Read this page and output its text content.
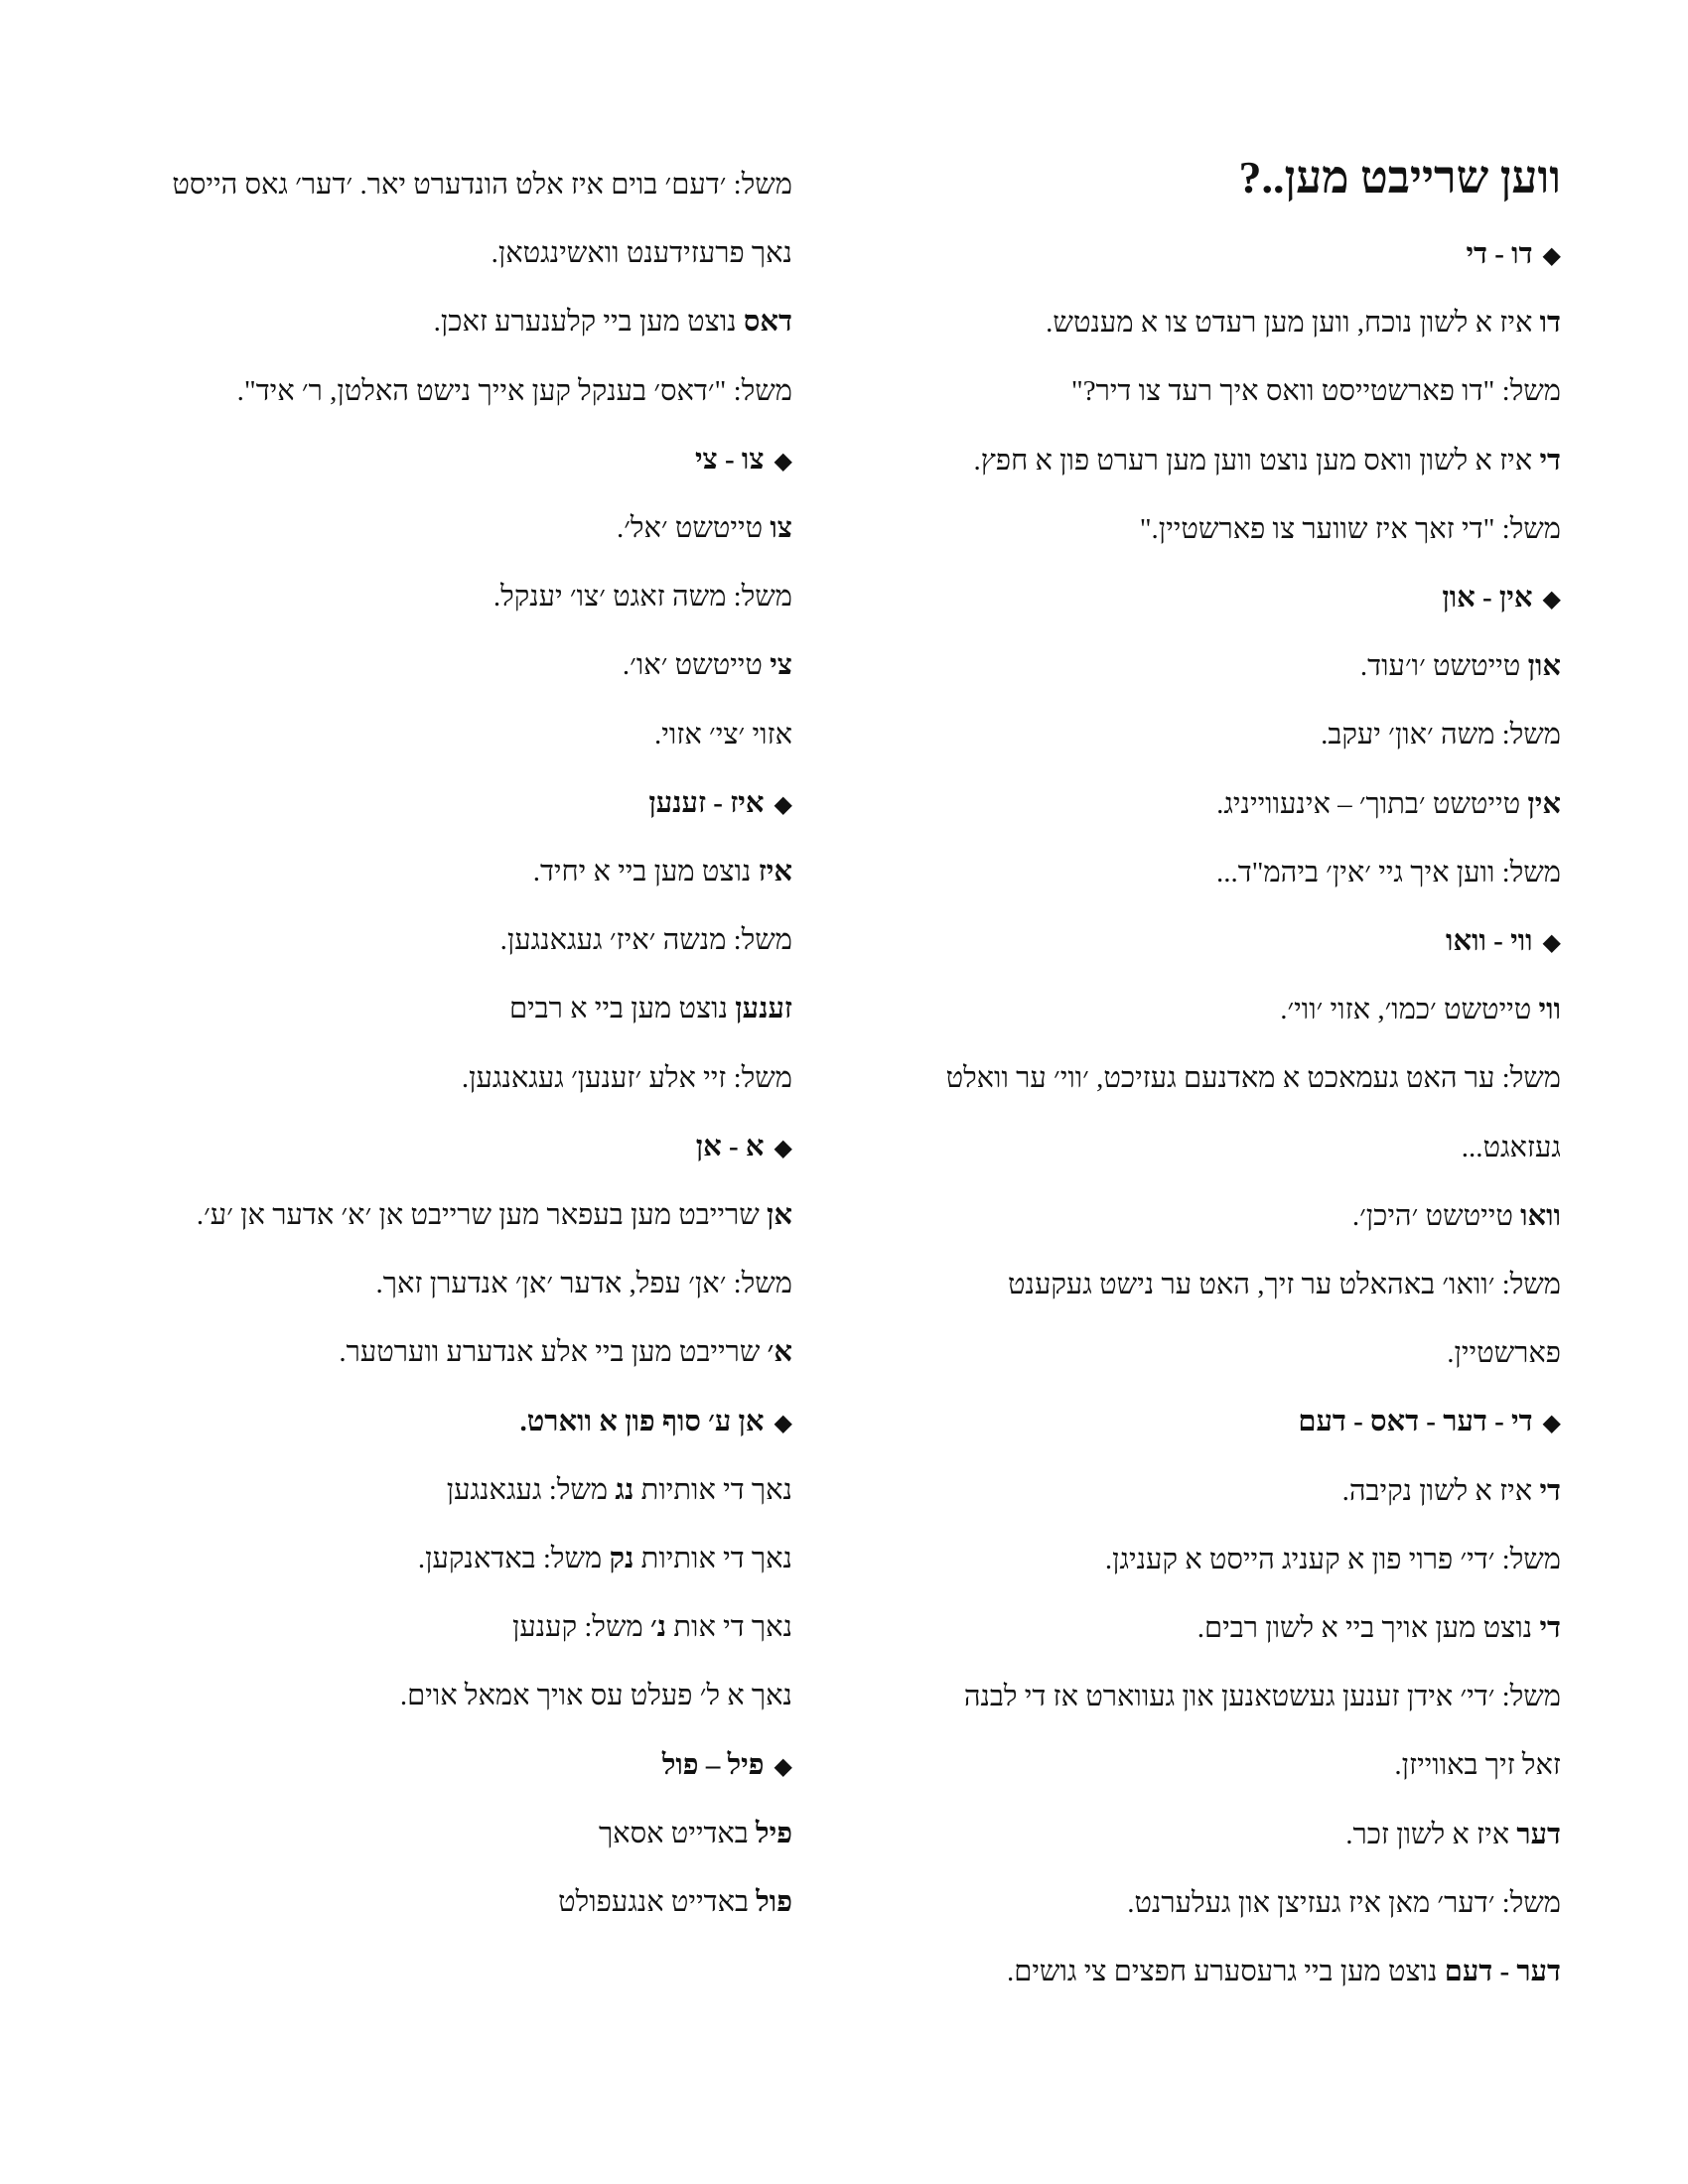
ווען שרייבט מען..?
◆דו - די
דו איז א לשון נוכח, ווען מען רעדט צו א מענטש.
משל: "דו פארשטייסט וואס איך רעד צו דיר?"
די איז א לשון וואס מען נוצט ווען מען רערט פון א חפץ.
משל: "די זאך איז שווער צו פארשטיין."
◆אין - און
און טייטשט ׳ו׳עוד.
משל: משה ׳און׳ יעקב.
אין טייטשט ׳בתוך׳ – אינעווייניג.
משל: ווען איך גיי ׳אין׳ ביהמ"ד...
◆ווי - וואו
ווי טייטשט ׳כמו׳, אזוי ׳ווי׳.
משל: ער האט געמאכט א מאדנעם געזיכט, ׳ווי׳ ער וואלט
געזאגט...
וואו טייטשט ׳היכן׳.
משל: ׳וואו׳ באהאלט ער זיך, האט ער נישט געקענט
פארשטיין.
◆די - דער - דאס - דעם
די איז א לשון נקיבה.
משל: ׳די׳ פרוי פון א קעניג הייסט א קעניגן.
די נוצט מען אויך ביי א לשון רבים.
משל: ׳די׳ אידן זענען געשטאנען און געווארט אז די לבנה
זאל זיך באווייזן.
דער איז א לשון זכר.
משל: ׳דער׳ מאן איז געזיצן און געלערנט.
דער - דעם נוצט מען ביי גרעסערע חפצים צי גושים.
משל: ׳דעם׳ בוים איז אלט הונדערט יאר. ׳דער׳ גאס הייסט
נאך פרעזידענט וואשינגטאן.
דאס נוצט מען ביי קלענערע זאכן.
משל: "׳דאס׳ בענקל קען אייך נישט האלטן, ר׳ איד".
◆צו - צי
צו טייטשט ׳אל׳.
משל: משה זאגט ׳צו׳ יענקל.
צי טייטשט ׳או׳.
אזוי ׳צי׳ אזוי.
◆איז - זענען
איז נוצט מען ביי א יחיד.
משל: מנשה ׳איז׳ געגאנגען.
זענען נוצט מען ביי א רבים
משל: זיי אלע ׳זענען׳ געגאנגען.
◆א - אן
אן שרייבט מען בעפאר מען שרייבט אן ׳א׳ אדער אן ׳ע׳.
משל: ׳אן׳ עפל, אדער ׳אן׳ אנדערן זאך.
א׳ שרייבט מען ביי אלע אנדערע ווערטער.
◆אן ע׳ סוף פון א ווארט.
נאך די אותיות נג משל: געגאנגען
נאך די אותיות נק משל: באדאנקען.
נאך די אות נ׳ משל: קענען
נאך א ל׳ פעלט עס אויך אמאל אוים.
◆פיל – פול
פיל באדייט אסאך
פול באדייט אנגעפולט
